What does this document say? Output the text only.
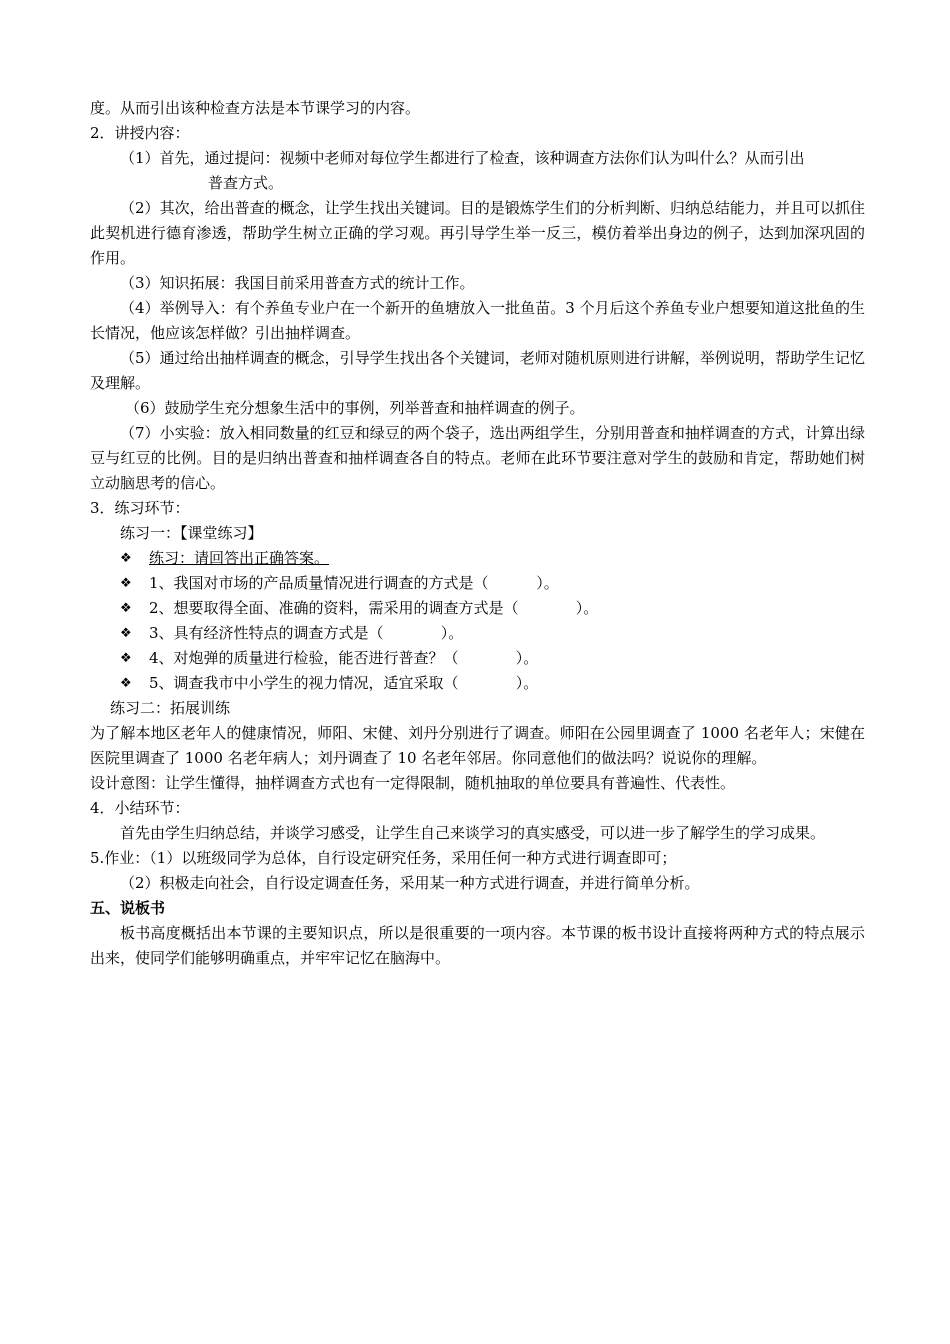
度。从而引出该种检查方法是本节课学习的内容。
2．讲授内容：
（1）首先，通过提问：视频中老师对每位学生都进行了检查，该种调查方法你们认为叫什么？从而引出
普查方式。
（2）其次，给出普查的概念，让学生找出关键词。目的是锻炼学生们的分析判断、归纳总结能力，并且可以抓住此契机进行德育渗透，帮助学生树立正确的学习观。再引导学生举一反三，模仿着举出身边的例子，达到加深巩固的作用。
（3）知识拓展：我国目前采用普查方式的统计工作。
（4）举例导入：有个养鱼专业户在一个新开的鱼塘放入一批鱼苗。3 个月后这个养鱼专业户想要知道这批鱼的生长情况，他应该怎样做？引出抽样调查。
（5）通过给出抽样调查的概念，引导学生找出各个关键词，老师对随机原则进行讲解，举例说明，帮助学生记忆及理解。
（6）鼓励学生充分想象生活中的事例，列举普查和抽样调查的例子。
（7）小实验：放入相同数量的红豆和绿豆的两个袋子，选出两组学生，分别用普查和抽样调查的方式，计算出绿豆与红豆的比例。目的是归纳出普查和抽样调查各自的特点。老师在此环节要注意对学生的鼓励和肯定，帮助她们树立动脑思考的信心。
3．练习环节：
练习一：【课堂练习】
❖ 练习：请回答出正确答案。
❖ 1、我国对市场的产品质量情况进行调查的方式是（          ）。
❖ 2、想要取得全面、准确的资料，需采用的调查方式是（            ）。
❖ 3、具有经济性特点的调查方式是（            ）。
❖ 4、对炮弹的质量进行检验，能否进行普查？（            ）。
❖ 5、调查我市中小学生的视力情况，适宜采取（            ）。
练习二：拓展训练
为了解本地区老年人的健康情况，师阳、宋健、刘丹分别进行了调查。师阳在公园里调查了 1000 名老年人；宋健在医院里调查了 1000 名老年病人；刘丹调查了 10 名老年邻居。你同意他们的做法吗？说说你的理解。
设计意图：让学生懂得，抽样调查方式也有一定得限制，随机抽取的单位要具有普遍性、代表性。
4．小结环节：
首先由学生归纳总结，并谈学习感受，让学生自己来谈学习的真实感受，可以进一步了解学生的学习成果。
5.作业：（1）以班级同学为总体，自行设定研究任务，采用任何一种方式进行调查即可；
（2）积极走向社会，自行设定调查任务，采用某一种方式进行调查，并进行简单分析。
五、说板书
板书高度概括出本节课的主要知识点，所以是很重要的一项内容。本节课的板书设计直接将两种方式的特点展示出来，使同学们能够明确重点，并牢牢记忆在脑海中。
